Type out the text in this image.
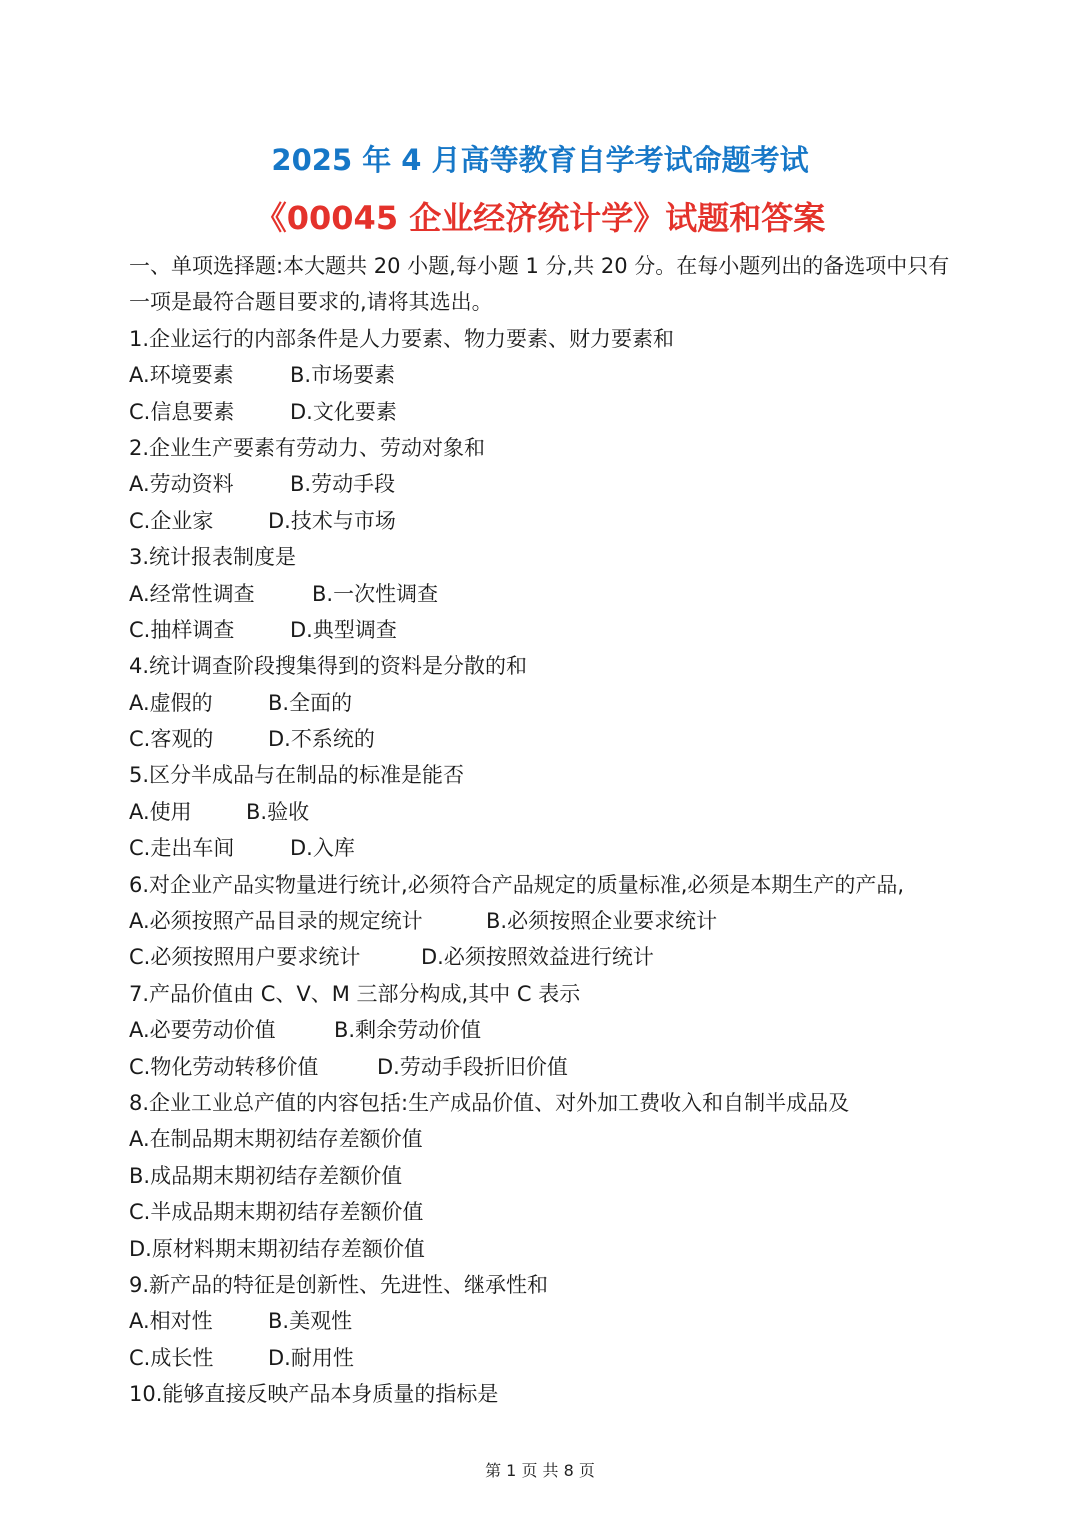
2025 年 4 月高等教育自学考试命题考试
《00045 企业经济统计学》试题和答案
一、单项选择题:本大题共 20 小题,每小题 1 分,共 20 分。在每小题列出的备选项中只有
一项是最符合题目要求的,请将其选出。
1.企业运行的内部条件是人力要素、物力要素、财力要素和
A.环境要素	B.市场要素
C.信息要素	D.文化要素
2.企业生产要素有劳动力、劳动对象和
A.劳动资料	B.劳动手段
C.企业家	D.技术与市场
3.统计报表制度是
A.经常性调查	B.一次性调查
C.抽样调查	D.典型调查
4.统计调查阶段搜集得到的资料是分散的和
A.虚假的	B.全面的
C.客观的	D.不系统的
5.区分半成品与在制品的标准是能否
A.使用	B.验收
C.走出车间	D.入库
6.对企业产品实物量进行统计,必须符合产品规定的质量标准,必须是本期生产的产品,
A.必须按照产品目录的规定统计	B.必须按照企业要求统计
C.必须按照用户要求统计	D.必须按照效益进行统计
7.产品价值由 C、V、M 三部分构成,其中 C 表示
A.必要劳动价值	B.剩余劳动价值
C.物化劳动转移价值	D.劳动手段折旧价值
8.企业工业总产值的内容包括:生产成品价值、对外加工费收入和自制半成品及
A.在制品期末期初结存差额价值
B.成品期末期初结存差额价值
C.半成品期末期初结存差额价值
D.原材料期末期初结存差额价值
9.新产品的特征是创新性、先进性、继承性和
A.相对性	B.美观性
C.成长性	D.耐用性
10.能够直接反映产品本身质量的指标是
第 1 页 共 8 页
